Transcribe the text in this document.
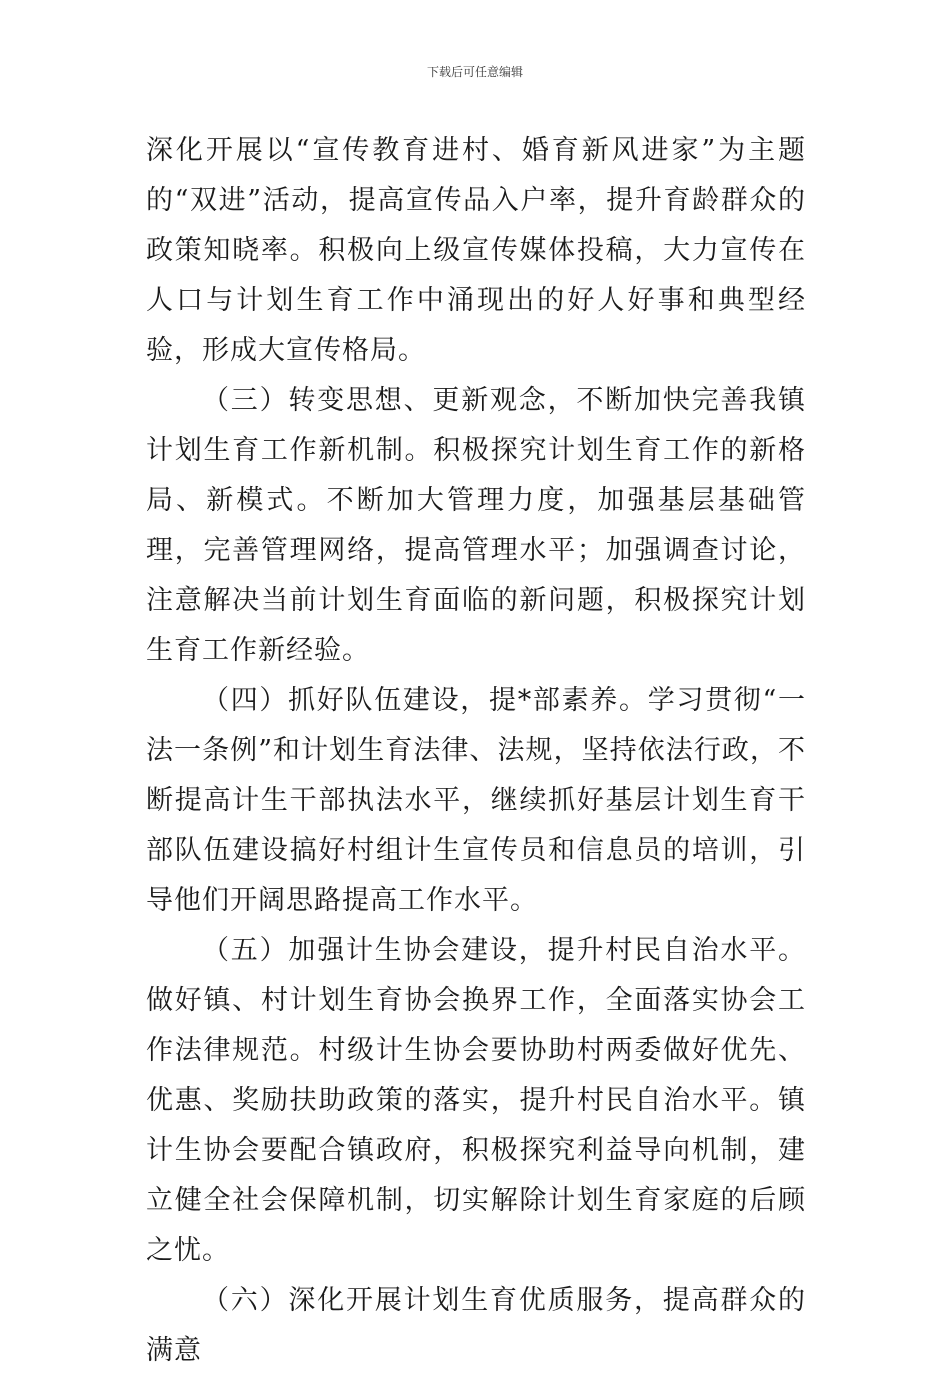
下载后可任意编辑

深化开展以“宣传教育进村、婚育新风进家”为主题的“双进”活动，提高宣传品入户率，提升育龄群众的政策知晓率。积极向上级宣传媒体投稿，大力宣传在人口与计划生育工作中涌现出的好人好事和典型经验，形成大宣传格局。

（三）转变思想、更新观念，不断加快完善我镇计划生育工作新机制。积极探究计划生育工作的新格局、新模式。不断加大管理力度，加强基层基础管理，完善管理网络，提高管理水平；加强调查讨论，注意解决当前计划生育面临的新问题，积极探究计划生育工作新经验。

（四）抓好队伍建设，提*部素养。学习贯彻“一法一条例”和计划生育法律、法规，坚持依法行政，不断提高计生干部执法水平，继续抓好基层计划生育干部队伍建设搞好村组计生宣传员和信息员的培训，引导他们开阔思路提高工作水平。

（五）加强计生协会建设，提升村民自治水平。做好镇、村计划生育协会换界工作，全面落实协会工作法律规范。村级计生协会要协助村两委做好优先、优惠、奖励扶助政策的落实，提升村民自治水平。镇计生协会要配合镇政府，积极探究利益导向机制，建立健全社会保障机制，切实解除计划生育家庭的后顾之忧。

（六）深化开展计划生育优质服务，提高群众的满意
